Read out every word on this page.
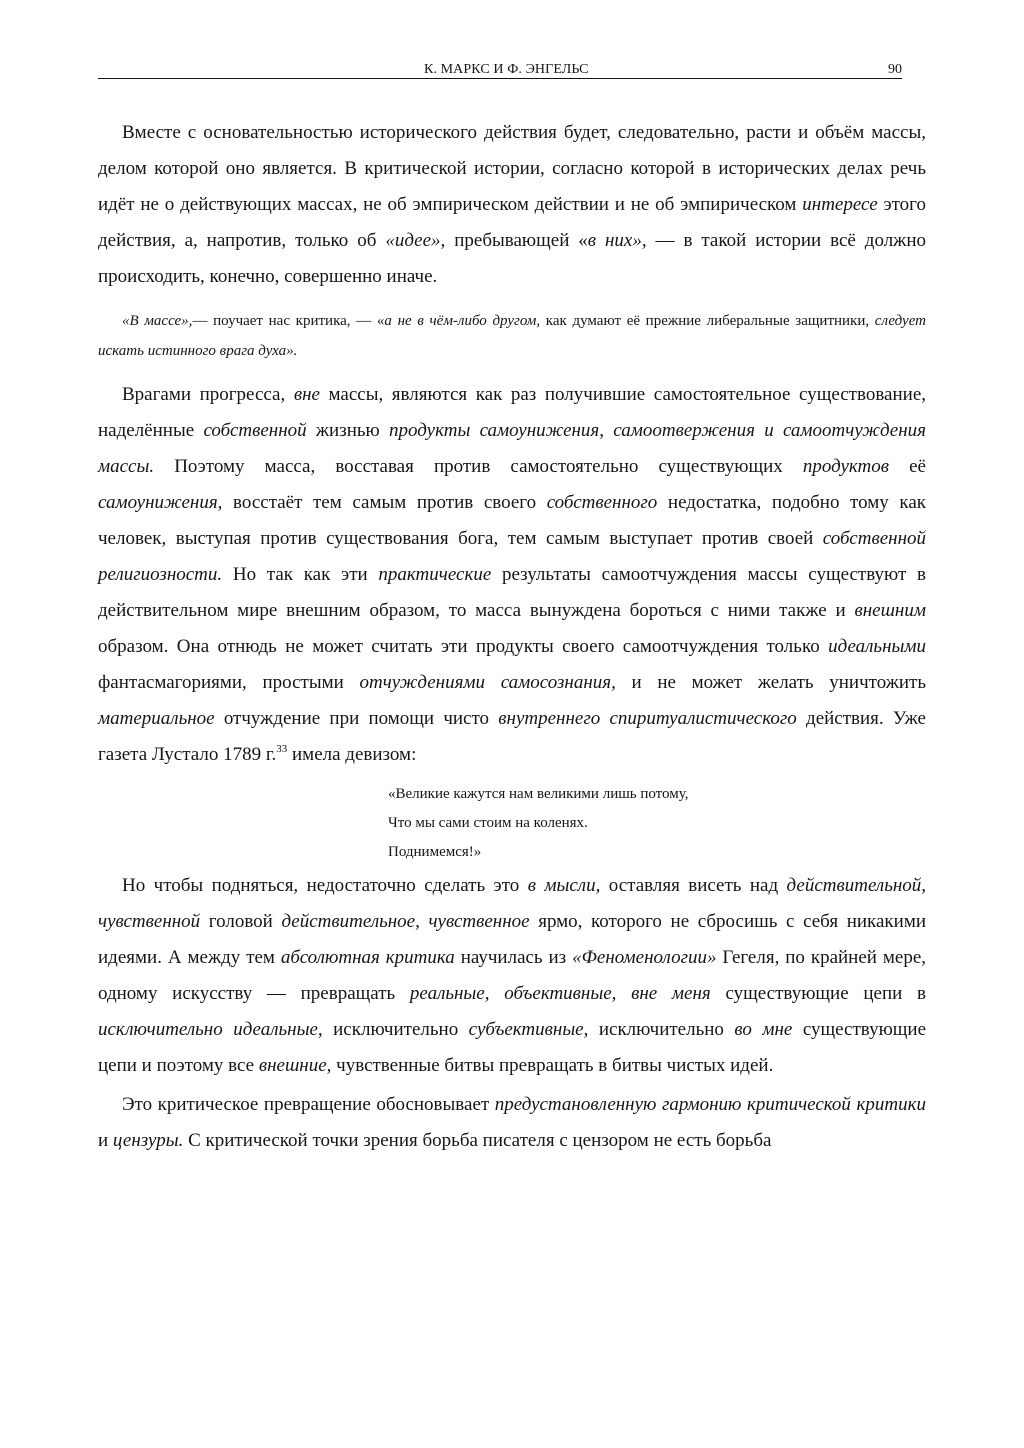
К. МАРКС И Ф. ЭНГЕЛЬС	90

Вместе с основательностью исторического действия будет, следовательно, расти и объём массы, делом которой оно является. В критической истории, согласно которой в исторических делах речь идёт не о действующих массах, не об эмпирическом действии и не об эмпирическом интересе этого действия, а, напротив, только об «идее», пребывающей «в них», — в такой истории всё должно происходить, конечно, совершенно иначе.

«В массе»,— поучает нас критика, — «а не в чём-либо другом, как думают её прежние либеральные защитники, следует искать истинного врага духа».

Врагами прогресса, вне массы, являются как раз получившие самостоятельное существование, наделённые собственной жизнью продукты самоунижения, самоотвержения и самоотчуждения массы. Поэтому масса, восставая против самостоятельно существующих продуктов её самоунижения, восстаёт тем самым против своего собственного недостатка, подобно тому как человек, выступая против существования бога, тем самым выступает против своей собственной религиозности. Но так как эти практические результаты самоотчуждения массы существуют в действительном мире внешним образом, то масса вынуждена бороться с ними также и внешним образом. Она отнюдь не может считать эти продукты своего самоотчуждения только идеальными фантасмагориями, простыми отчуждениями самосознания, и не может желать уничтожить материальное отчуждение при помощи чисто внутреннего спиритуалистического действия. Уже газета Лустало 1789 г.$^{33}$ имела девизом:

«Великие кажутся нам великими лишь потому,
Что мы сами стоим на коленях.
Поднимемся!»

Но чтобы подняться, недостаточно сделать это в мысли, оставляя висеть над действительной, чувственной головой действительное, чувственное ярмо, которого не сбросишь с себя никакими идеями. А между тем абсолютная критика научилась из «Феноменологии» Гегеля, по крайней мере, одному искусству — превращать реальные, объективные, вне меня существующие цепи в исключительно идеальные, исключительно субъективные, исключительно во мне существующие цепи и поэтому все внешние, чувственные битвы превращать в битвы чистых идей.

Это критическое превращение обосновывает предустановленную гармонию критической критики и цензуры. С критической точки зрения борьба писателя с цензором не есть борьба
